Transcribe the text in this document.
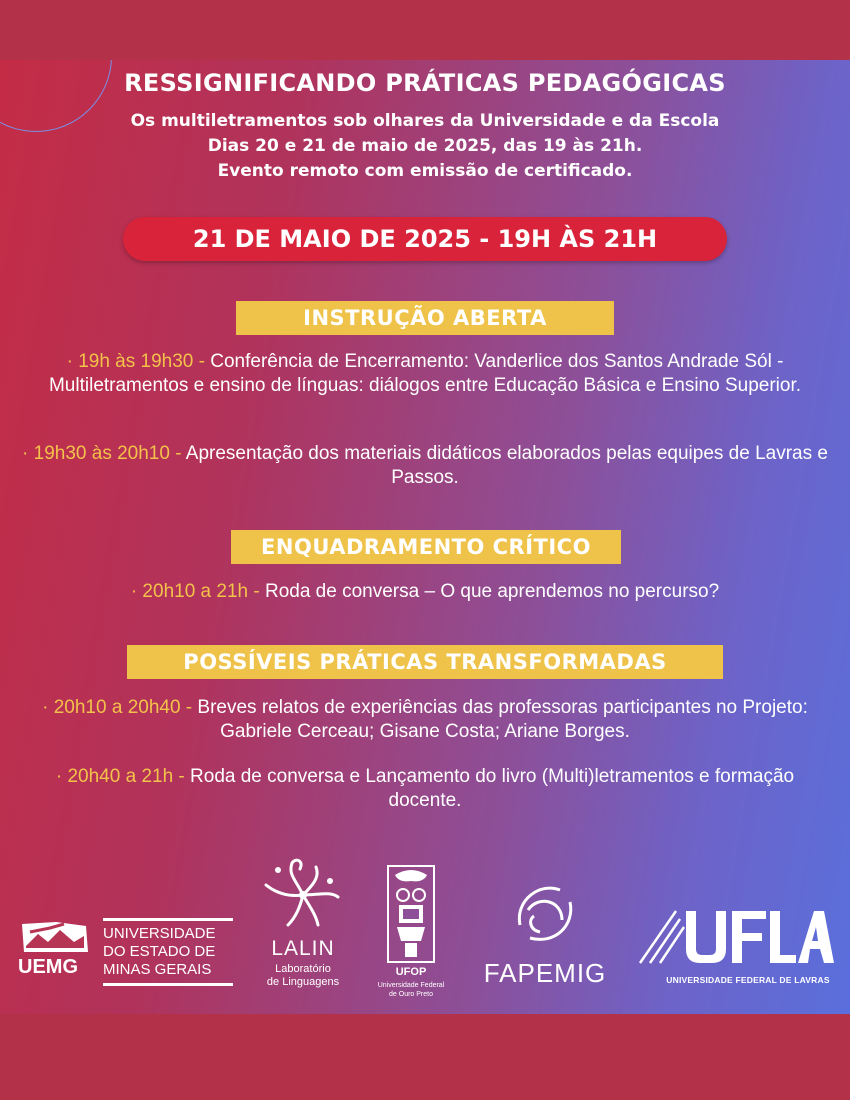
RESSIGNIFICANDO PRÁTICAS PEDAGÓGICAS
Os multiletramentos sob olhares da Universidade e da Escola
Dias 20 e 21 de maio de 2025, das 19 às 21h.
Evento remoto com emissão de certificado.
21 DE MAIO DE 2025 - 19H ÀS 21H
INSTRUÇÃO ABERTA
· 19h às 19h30 - Conferência de Encerramento: Vanderlice dos Santos Andrade Sól - Multiletramentos e ensino de línguas: diálogos entre Educação Básica e Ensino Superior.
· 19h30 às 20h10 - Apresentação dos materiais didáticos elaborados pelas equipes de Lavras e Passos.
ENQUADRAMENTO CRÍTICO
· 20h10 a 21h - Roda de conversa – O que aprendemos no percurso?
POSSÍVEIS PRÁTICAS TRANSFORMADAS
· 20h10 a 20h40 - Breves relatos de experiências das professoras participantes no Projeto: Gabriele Cerceau; Gisane Costa; Ariane Borges.
· 20h40 a 21h - Roda de conversa e Lançamento do livro (Multi)letramentos e formação docente.
UEMG
UNIVERSIDADE
DO ESTADO DE
MINAS GERAIS
LALIN
Laboratório
de Linguagens
UFOP
Universidade Federal
de Ouro Preto
FAPEMIG	UNIVERSIDADE FEDERAL DE LAVRAS
